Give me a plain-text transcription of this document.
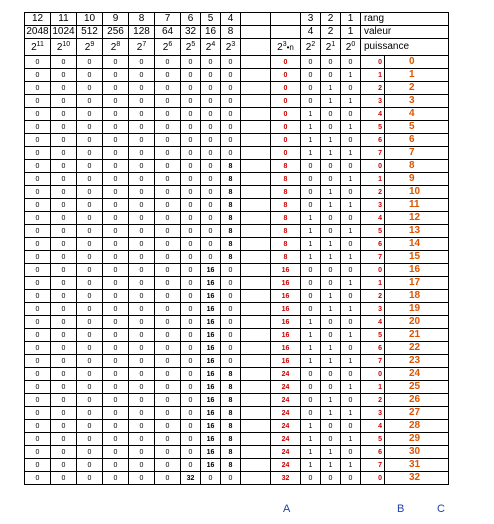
12	11	10	9	8	7	6	5	4			3	2	1	rang	
2048	1024	512	256	128	64	32	16	8			4	2	1	valeur	
$2^{11}$	$2^{10}$	$2^9$	$2^8$	$2^7$	$2^6$	$2^5$	$2^4$	$2^3$		$2^3•n$	$2^2$	$2^1$	$2^0$	puissance	
0	0	0	0	0	0	0	0	0		0	0	0	0	0	0
0	0	0	0	0	0	0	0	0		0	0	0	1	1	1
0	0	0	0	0	0	0	0	0		0	0	1	0	2	2
0	0	0	0	0	0	0	0	0		0	0	1	1	3	3
0	0	0	0	0	0	0	0	0		0	1	0	0	4	4
0	0	0	0	0	0	0	0	0		0	1	0	1	5	5
0	0	0	0	0	0	0	0	0		0	1	1	0	6	6
0	0	0	0	0	0	0	0	0		0	1	1	1	7	7
0	0	0	0	0	0	0	0	8		8	0	0	0	0	8
0	0	0	0	0	0	0	0	8		8	0	0	1	1	9
0	0	0	0	0	0	0	0	8		8	0	1	0	2	10
0	0	0	0	0	0	0	0	8		8	0	1	1	3	11
0	0	0	0	0	0	0	0	8		8	1	0	0	4	12
0	0	0	0	0	0	0	0	8		8	1	0	1	5	13
0	0	0	0	0	0	0	0	8		8	1	1	0	6	14
0	0	0	0	0	0	0	0	8		8	1	1	1	7	15
0	0	0	0	0	0	0	16	0		16	0	0	0	0	16
0	0	0	0	0	0	0	16	0		16	0	0	1	1	17
0	0	0	0	0	0	0	16	0		16	0	1	0	2	18
0	0	0	0	0	0	0	16	0		16	0	1	1	3	19
0	0	0	0	0	0	0	16	0		16	1	0	0	4	20
0	0	0	0	0	0	0	16	0		16	1	0	1	5	21
0	0	0	0	0	0	0	16	0		16	1	1	0	6	22
0	0	0	0	0	0	0	16	0		16	1	1	1	7	23
0	0	0	0	0	0	0	16	8		24	0	0	0	0	24
0	0	0	0	0	0	0	16	8		24	0	0	1	1	25
0	0	0	0	0	0	0	16	8		24	0	1	0	2	26
0	0	0	0	0	0	0	16	8		24	0	1	1	3	27
0	0	0	0	0	0	0	16	8		24	1	0	0	4	28
0	0	0	0	0	0	0	16	8		24	1	0	1	5	29
0	0	0	0	0	0	0	16	8		24	1	1	0	6	30
0	0	0	0	0	0	0	16	8		24	1	1	1	7	31
0	0	0	0	0	0	32	0	0		32	0	0	0	0	32
A	B	C
